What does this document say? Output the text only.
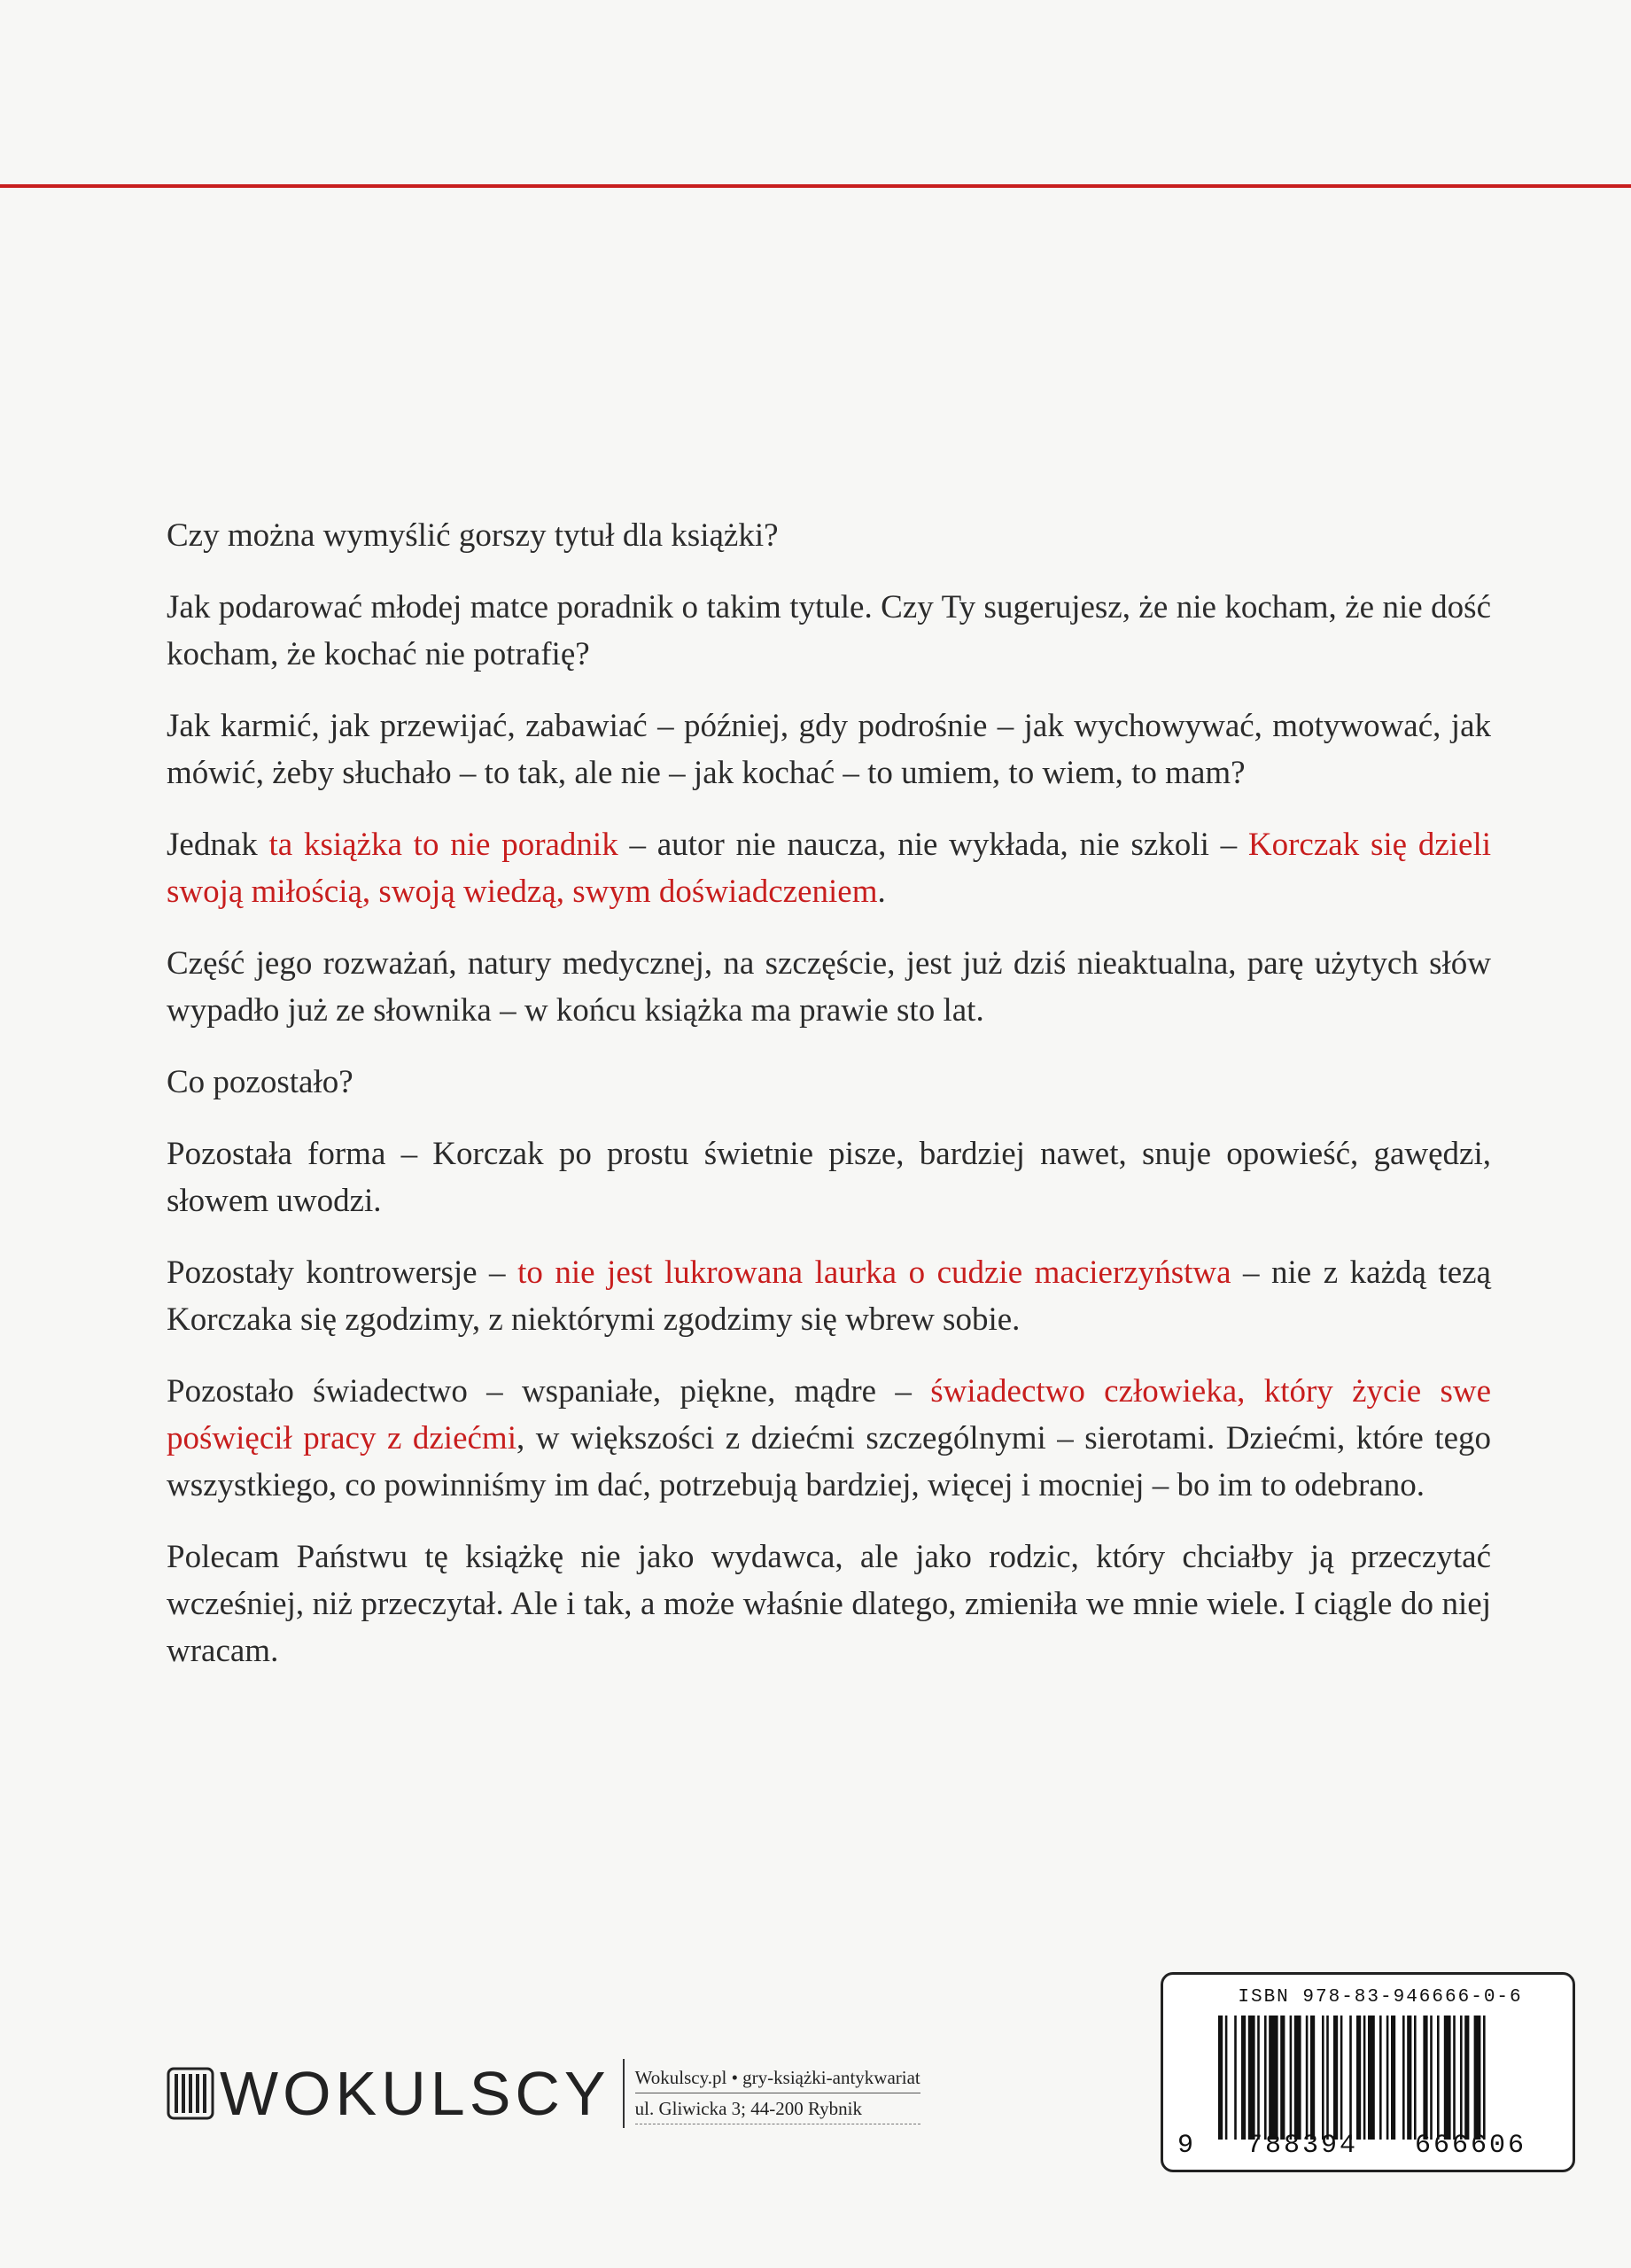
Czy można wymyślić gorszy tytuł dla książki?

Jak podarować młodej matce poradnik o takim tytule. Czy Ty sugerujesz, że nie kocham, że nie dość kocham, że kochać nie potrafię?

Jak karmić, jak przewijać, zabawiać – później, gdy podrośnie – jak wychowywać, motywować, jak mówić, żeby słuchało – to tak, ale nie – jak kochać – to umiem, to wiem, to mam?

Jednak ta książka to nie poradnik – autor nie naucza, nie wykłada, nie szkoli – Korczak się dzieli swoją miłością, swoją wiedzą, swym doświadczeniem.

Część jego rozważań, natury medycznej, na szczęście, jest już dziś nieaktualna, parę użytych słów wypadło już ze słownika – w końcu książka ma prawie sto lat.

Co pozostało?

Pozostała forma – Korczak po prostu świetnie pisze, bardziej nawet, snuje opowieść, gawędzi, słowem uwodzi.

Pozostały kontrowersje – to nie jest lukrowana laurka o cudzie macierzyństwa – nie z każdą tezą Korczaka się zgodzimy, z niektórymi zgodzimy się wbrew sobie.

Pozostało świadectwo – wspaniałe, piękne, mądre – świadectwo człowieka, który życie swe poświęcił pracy z dziećmi, w większości z dziećmi szczególnymi – sierotami. Dziećmi, które tego wszystkiego, co powinniśmy im dać, potrzebują bardziej, więcej i mocniej – bo im to odebrano.

Polecam Państwu tę książkę nie jako wydawca, ale jako rodzic, który chciałby ją przeczytać wcześniej, niż przeczytał. Ale i tak, a może właśnie dlatego, zmieniła we mnie wiele. I ciągle do niej wracam.

WOKULSCY Wokulscy.pl • gry-książki-antykwariat
ul. Gliwicka 3; 44-200 Rybnik
ISBN 978-83-946666-0-6
9	788394	666606
